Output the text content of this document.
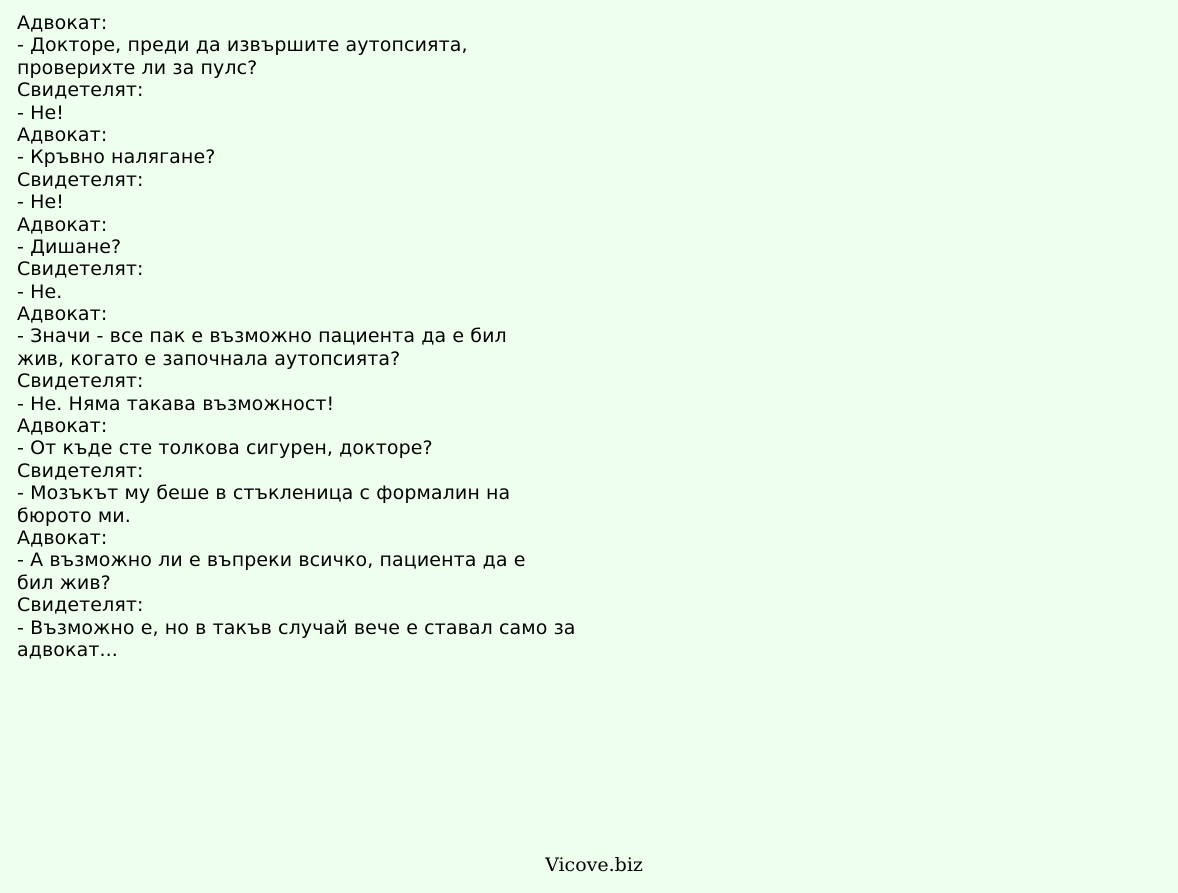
Адвокат:
- Докторе, преди да извършите аутопсията,
проверихте ли за пулс?
Свидетелят:
- Не!
Адвокат:
- Кръвно налягане?
Свидетелят:
- Не!
Адвокат:
- Дишане?
Свидетелят:
- Не.
Адвокат:
- Значи - все пак е възможно пациента да е бил
жив, когато е започнала аутопсията?
Свидетелят:
- Не. Няма такава възможност!
Адвокат:
- От къде сте толкова сигурен, докторе?
Свидетелят:
- Мозъкът му беше в стъкленица с формалин на
бюрото ми.
Адвокат:
- А възможно ли е въпреки всичко, пациента да е
бил жив?
Свидетелят:
- Възможно е, но в такъв случай вече е ставал само за
адвокат...
Vicove.biz
